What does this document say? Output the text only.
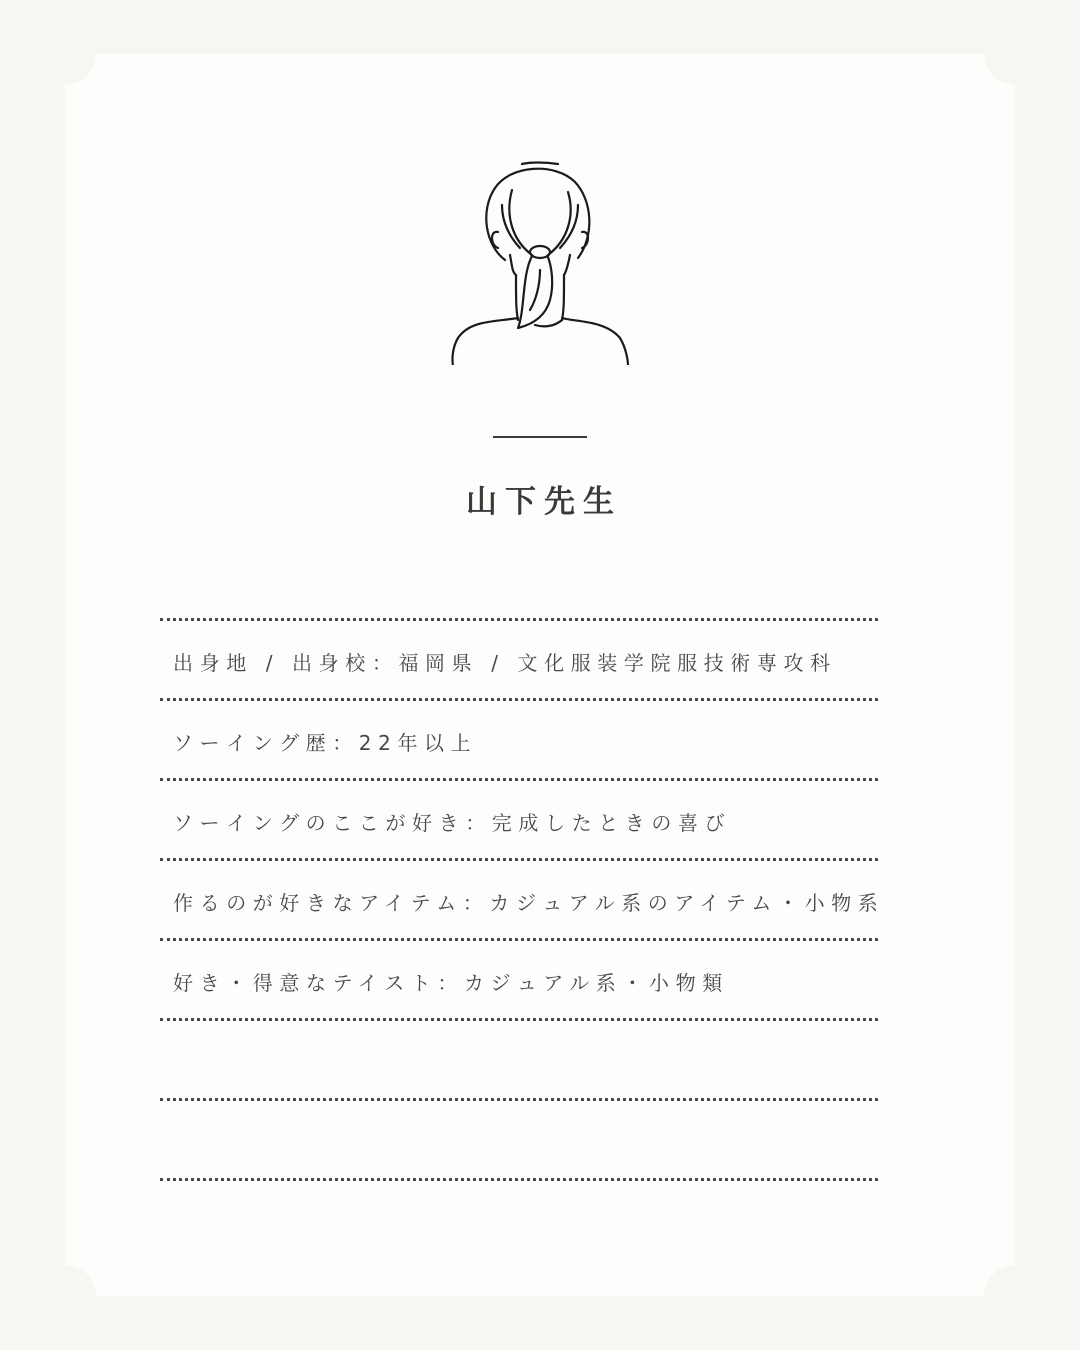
山下先生
出身地 / 出身校：福岡県 / 文化服装学院服技術専攻科
ソーイング歴：22年以上
ソーイングのここが好き：完成したときの喜び
作るのが好きなアイテム：カジュアル系のアイテム・小物系
好き・得意なテイスト：カジュアル系・小物類
